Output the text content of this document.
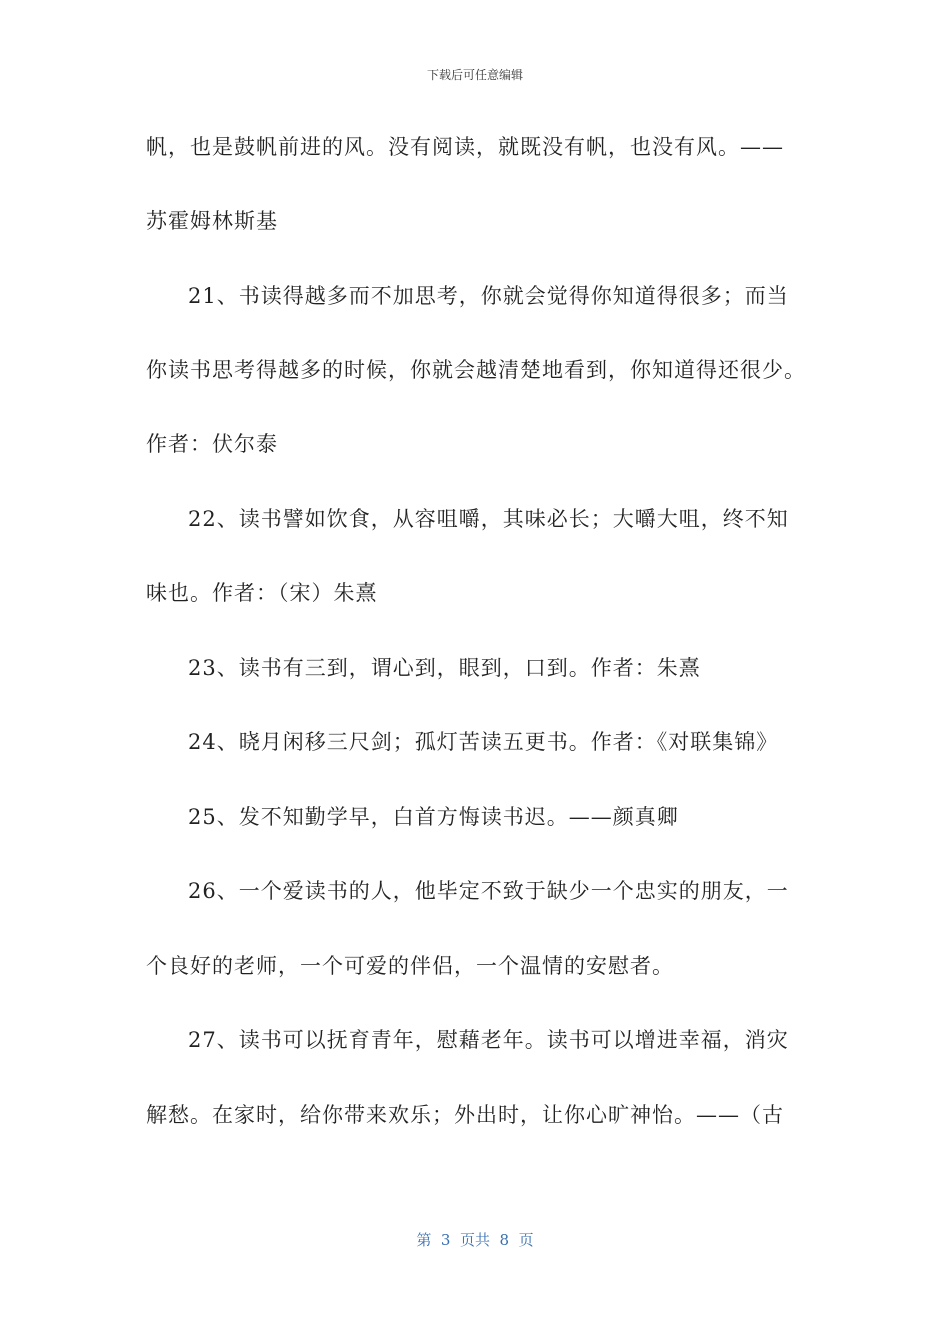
下载后可任意编辑
帆，也是鼓帆前进的风。没有阅读，就既没有帆，也没有风。——
苏霍姆林斯基
21、书读得越多而不加思考，你就会觉得你知道得很多；而当
你读书思考得越多的时候，你就会越清楚地看到，你知道得还很少。
作者：伏尔泰
22、读书譬如饮食，从容咀嚼，其味必长；大嚼大咀，终不知
味也。作者：（宋）朱熹
23、读书有三到，谓心到，眼到，口到。作者：朱熹
24、晓月闲移三尺剑；孤灯苦读五更书。作者：《对联集锦》
25、发不知勤学早，白首方悔读书迟。——颜真卿
26、一个爱读书的人，他毕定不致于缺少一个忠实的朋友，一
个良好的老师，一个可爱的伴侣，一个温情的安慰者。
27、读书可以抚育青年，慰藉老年。读书可以增进幸福，消灾
解愁。在家时，给你带来欢乐；外出时，让你心旷神怡。——（古
第  3  页共  8  页
